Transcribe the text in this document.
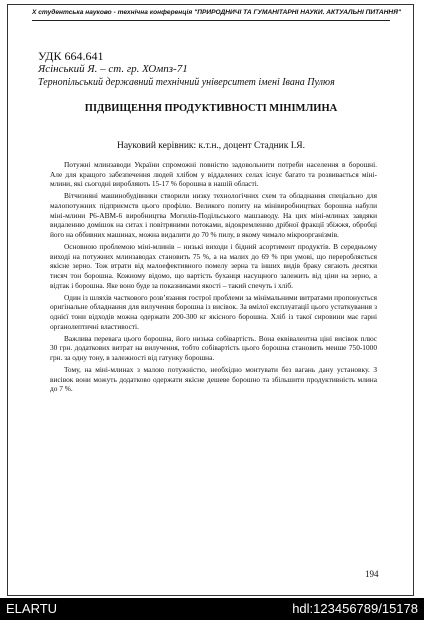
Х студентська науково - технічна конференція "ПРИРОДНИЧІ ТА ГУМАНІТАРНІ НАУКИ. АКТУАЛЬНІ ПИТАННЯ"
УДК 664.641
Ясінський Я. – ст. гр. ХОмпз-71
Тернопільський державний технічний університет імені Івана Пулюя
ПІДВИЩЕННЯ ПРОДУКТИВНОСТІ МІНІМЛИНА
Науковий керівник: к.т.н., доцент Стадник І.Я.

Потужні млинзаводи України спроможні повністю задовольнити потреби населення в борошні. Але для кращого забезпечення людей хлібом у віддалених селах існує багато та розвивається міні-млини, які сьогодні виробляють 15-17 % борошна в нашій області.

Вітчизняні машинобудівники створили низку технологічних схем та обладнання спеціально для малопотужних підприємств цього профілю. Великого попиту на мінівиробництвах борошна набули міні-млини Р6-АВМ-6 виробництва Могилів-Подільського машзаводу. На цих міні-млинах завдяки видаленню домішок на ситах і повітряними потоками, відокремленню дрібної фракції збіжжя, обробці його на оббивних машинах, можна видалити до 70 % пилу, в якому чимало мікроорганізмів.

Основною проблемою міні-млинів – низькі виходи і бідний асортимент продуктів. В середньому виході на потужних млинзаводах становить 75 %, а на малих до 69 % при умові, що переробляється якісне зерно. Тож втрати від малоефективного помелу зерна та інших видів браку сягають десятки тисяч тон борошна. Кожному відомо, що вартість буханця насущного залежить від ціни на зерно, а відтак і борошна. Яке воно буде за показниками якості – такий спечуть і хліб.

Один із шляхів часткового розв’язання гострої проблеми за мінімальними витратами пропонується оригінальне обладнання для вилучення борошна із висівок. За вмілої експлуатації цього устаткування з однієї тони відходів можна одержати 200-300 кг якісного борошна. Хліб із такої сировини має гарні органолептичні властивості.

Важлива перевага цього борошна, його низька собівартість. Вона еквівалентна ціні висівок плюс 30 грн. додаткових витрат на вилучення, тобто собівартість цього борошна становить менше 750-1000 грн. за одну тону, в залежності від гатунку борошна.

Тому, на міні-млинах з малою потужністю, необхідно монтувати без вагань дану установку. З висівок вони можуть додатково одержати якісне дешеве борошно та збільшити продуктивність млина до 7 %.

194
ELARTU	hdl:123456789/15178
